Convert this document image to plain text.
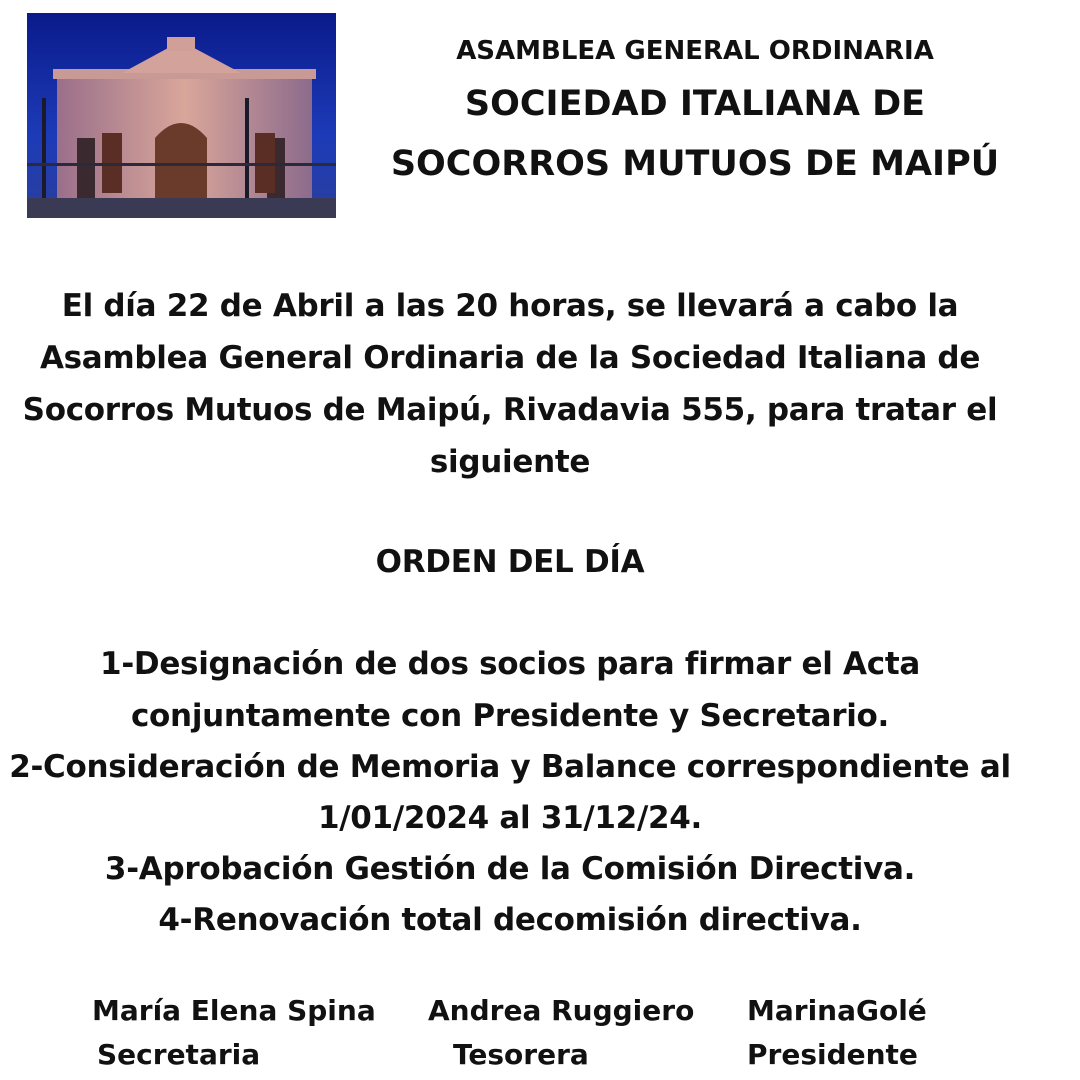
ASAMBLEA GENERAL ORDINARIA
SOCIEDAD ITALIANA DE
SOCORROS MUTUOS DE MAIPÚ
El día 22 de Abril a las 20 horas, se llevará a cabo la
Asamblea General Ordinaria de la Sociedad Italiana de
Socorros Mutuos de Maipú, Rivadavia 555, para tratar el
siguiente
ORDEN DEL DÍA
1-Designación de dos socios para firmar el Acta
conjuntamente con Presidente y Secretario.
2-Consideración de Memoria y Balance correspondiente al
1/01/2024 al 31/12/24.
3-Aprobación Gestión de la Comisión Directiva.
4-Renovación total decomisión directiva.
María Elena Spina
Secretaria
Andrea Ruggiero
Tesorera
MarinaGolé
Presidente
